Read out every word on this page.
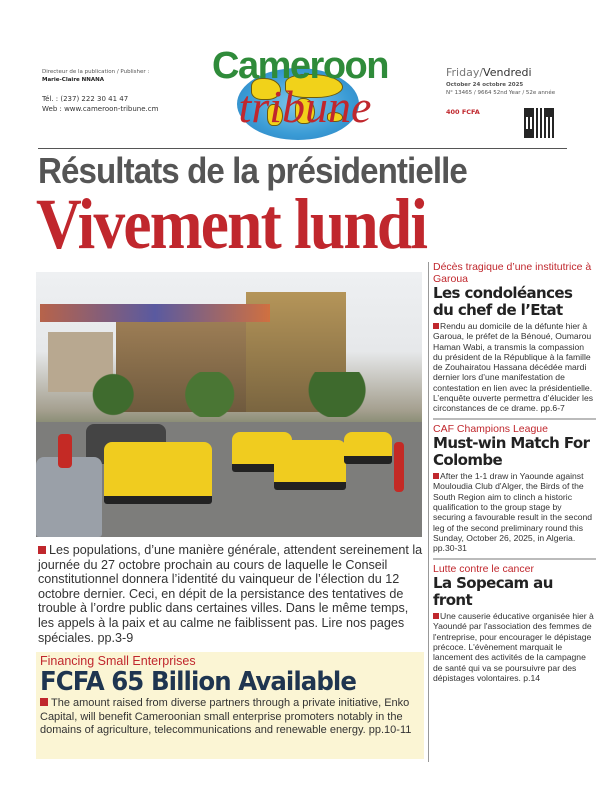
Directeur de la publication / Publisher :
Marie-Claire NNANA
Tél. : (237) 222 30 41 47
Web : www.cameroon-tribune.cm
Cameroon
tribune
Friday/Vendredi
October 24 octobre 2025
N° 13465 / 9664 52nd Year / 52e année
400 FCFA
Résultats de la présidentielle
Vivement lundi
Les populations, d’une manière générale, attendent sereinement la journée du 27 octobre prochain au cours de laquelle le Conseil constitutionnel donnera l’identité du vainqueur de l’élection du 12 octobre dernier. Ceci, en dépit de la persistance des tentatives de trouble à l’ordre public dans certaines villes. Dans le même temps, les appels à la paix et au calme ne faiblissent pas. Lire nos pages spéciales. pp.3-9
Financing Small Enterprises
FCFA 65 Billion Available
The amount raised from diverse partners through a private initiative, Enko Capital, will benefit Cameroonian small enterprise promoters notably in the domains of agriculture, telecommunications and renewable energy. pp.10-11
Décès tragique d’une institutrice à Garoua
Les condoléances du chef de l’Etat
Rendu au domicile de la défunte hier à Garoua, le préfet de la Bénoué, Oumarou Haman Wabi, a transmis la compassion du président de la République à la famille de Zouhairatou Hassana décédée mardi dernier lors d’une manifestation de contestation en lien avec la présidentielle. L’enquête ouverte permettra d’élucider les circonstances de ce drame. pp.6-7
CAF Champions League
Must-win Match For Colombe
After the 1-1 draw in Yaounde against Mouloudia Club d'Alger, the Birds of the South Region aim to clinch a historic qualification to the group stage by securing a favourable result in the second leg of the second preliminary round this Sunday, October 26, 2025, in Algeria. pp.30-31
Lutte contre le cancer
La Sopecam au front
Une causerie éducative organisée hier à Yaoundé par l'association des femmes de l'entreprise, pour encourager le dépistage précoce. L'évènement marquait le lancement des activités de la campagne de santé qui va se poursuivre par des dépistages volontaires. p.14
